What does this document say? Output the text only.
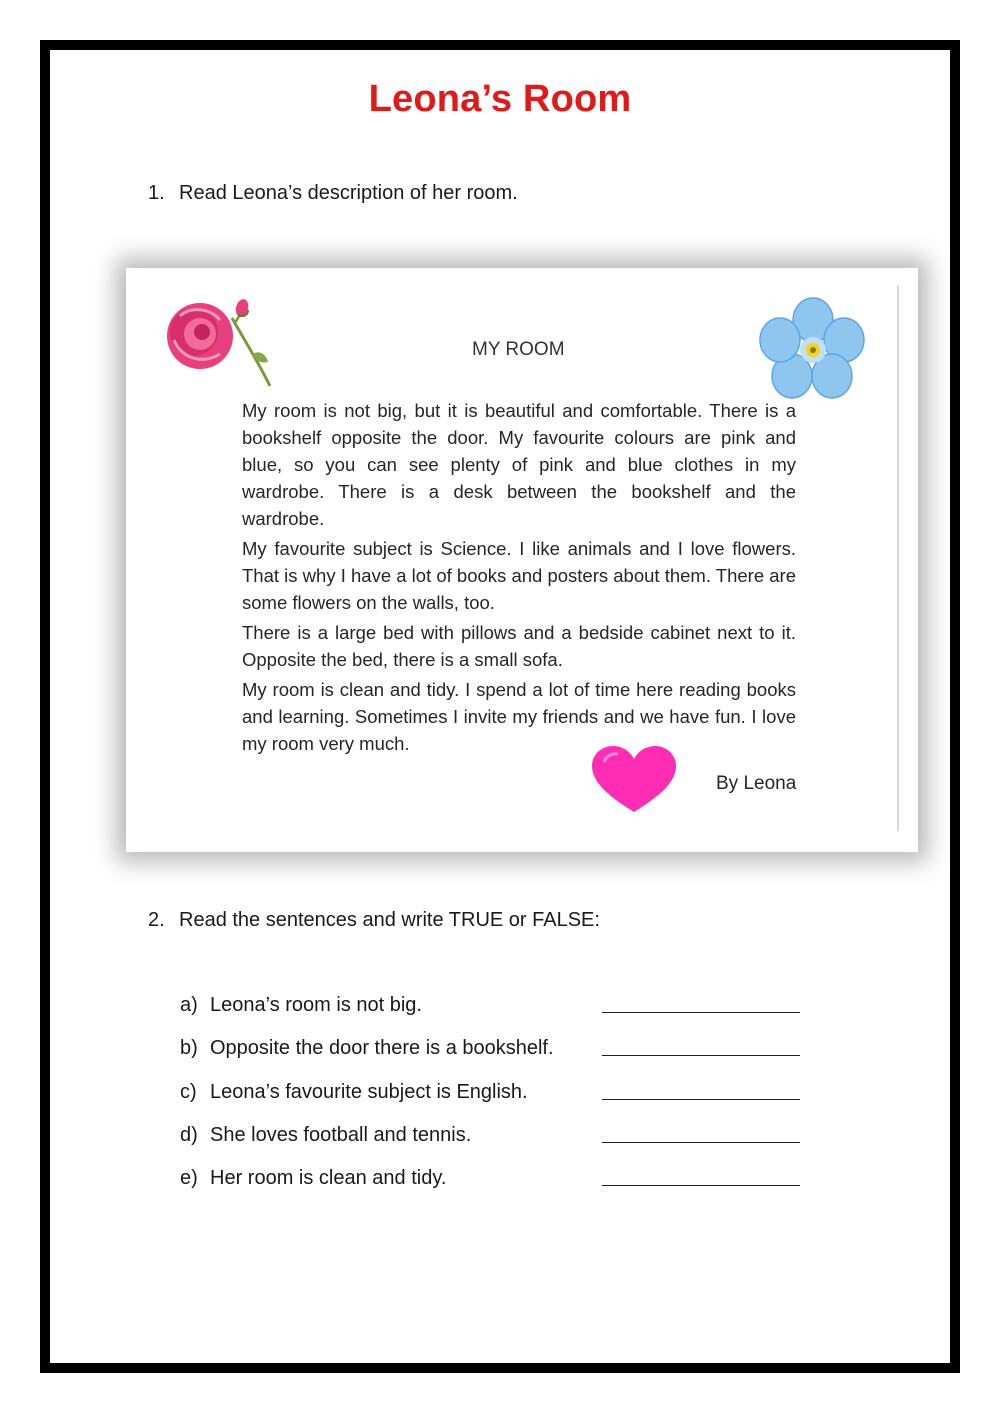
Leona’s Room
1. Read Leona’s description of her room.
MY ROOM

My room is not big, but it is beautiful and comfortable. There is a bookshelf opposite the door. My favourite colours are pink and blue, so you can see plenty of pink and blue clothes in my wardrobe. There is a desk between the bookshelf and the wardrobe.

My favourite subject is Science. I like animals and I love flowers. That is why I have a lot of books and posters about them. There are some flowers on the walls, too.

There is a large bed with pillows and a bedside cabinet next to it. Opposite the bed, there is a small sofa.

My room is clean and tidy. I spend a lot of time here reading books and learning. Sometimes I invite my friends and we have fun. I love my room very much.

By Leona
2. Read the sentences and write TRUE or FALSE:
a) Leona’s room is not big.
b) Opposite the door there is a bookshelf.
c) Leona’s favourite subject is English.
d) She loves football and tennis.
e) Her room is clean and tidy.
